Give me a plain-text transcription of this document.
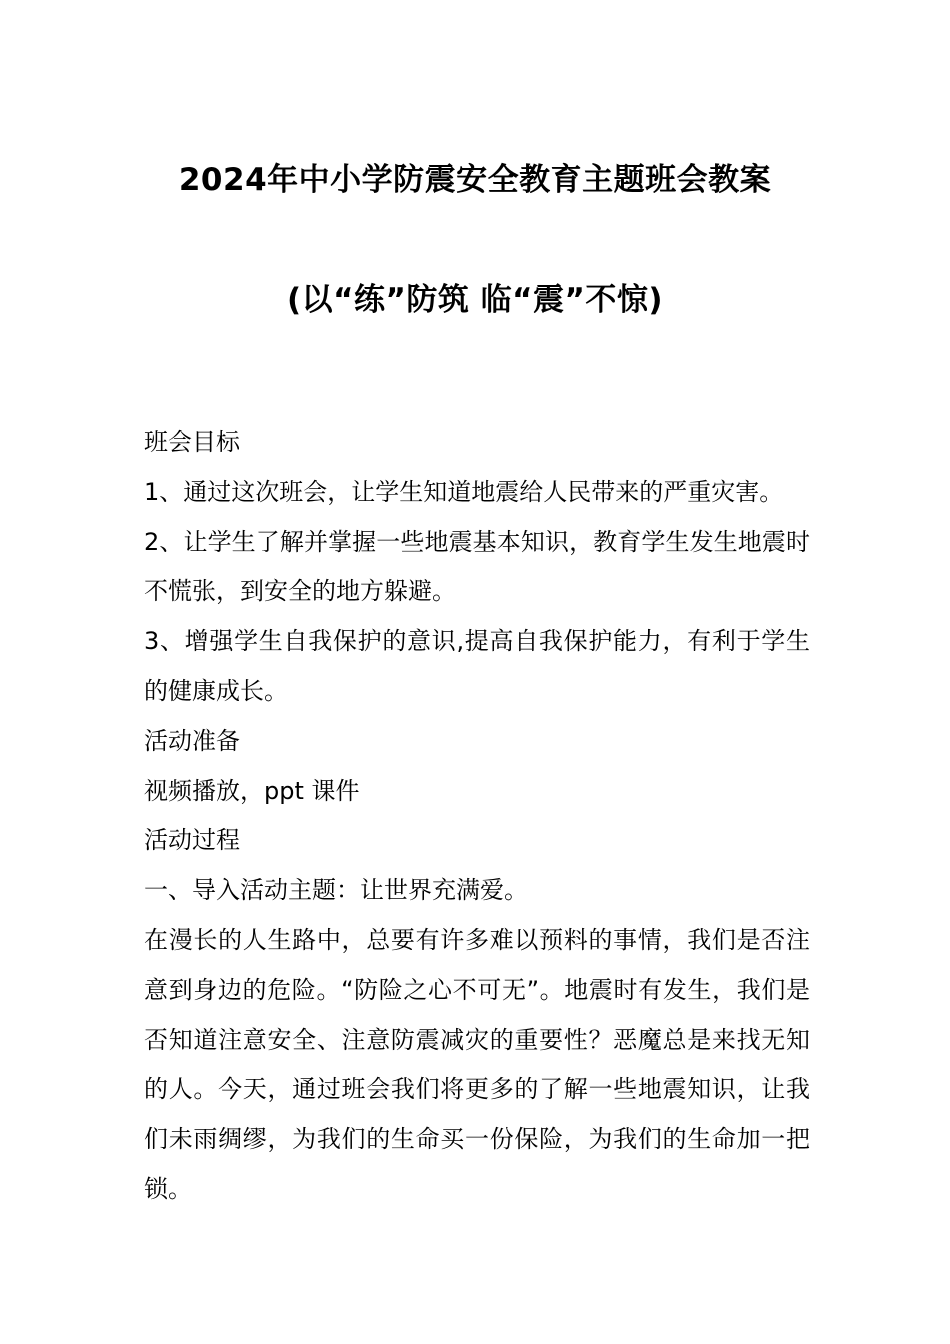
2024年中小学防震安全教育主题班会教案
(以“练”防筑 临“震”不惊)

班会目标

1、通过这次班会，让学生知道地震给人民带来的严重灾害。

2、让学生了解并掌握一些地震基本知识，教育学生发生地震时不慌张，到安全的地方躲避。

3、增强学生自我保护的意识,提高自我保护能力，有利于学生的健康成长。

活动准备

视频播放，ppt 课件

活动过程

一、导入活动主题：让世界充满爱。

在漫长的人生路中，总要有许多难以预料的事情，我们是否注意到身边的危险。“防险之心不可无”。地震时有发生，我们是否知道注意安全、注意防震减灾的重要性？恶魔总是来找无知的人。今天，通过班会我们将更多的了解一些地震知识，让我们未雨绸缪，为我们的生命买一份保险，为我们的生命加一把锁。
